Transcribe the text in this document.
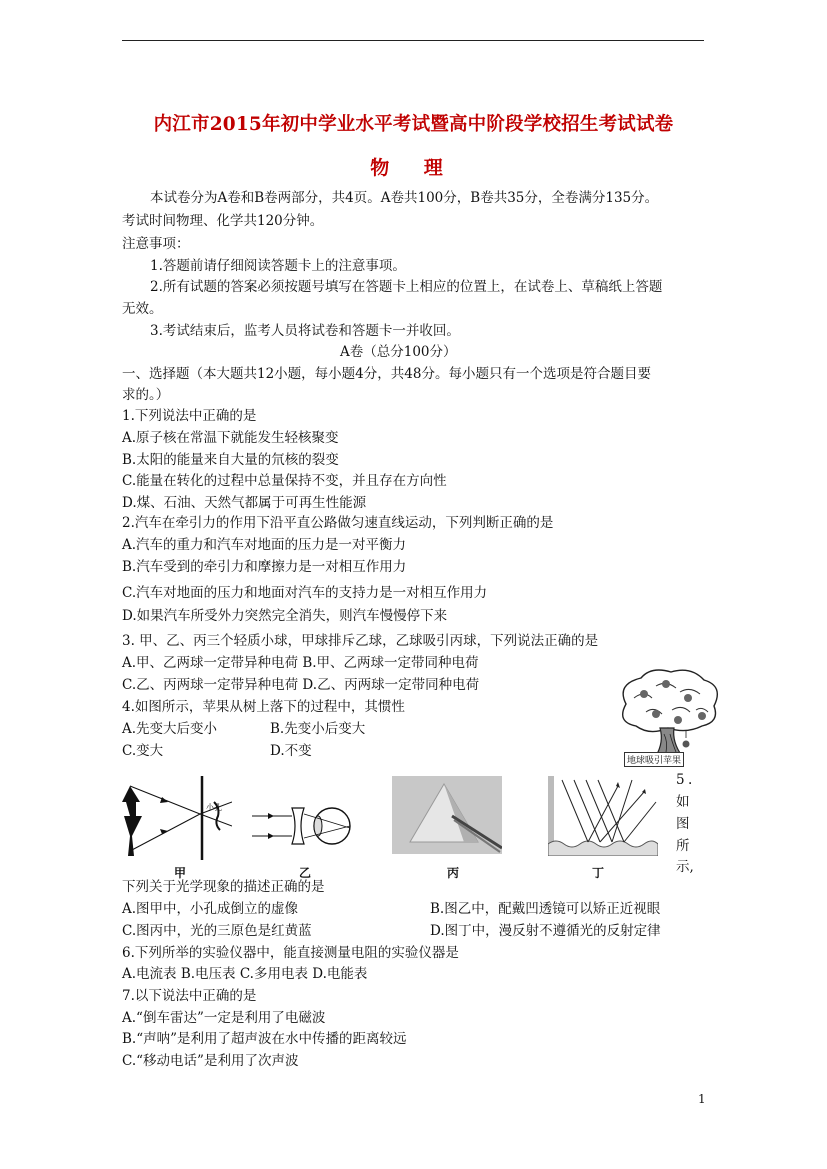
内江市2015年初中学业水平考试暨高中阶段学校招生考试试卷
物 理
本试卷分为A卷和B卷两部分，共4页。A卷共100分，B卷共35分，全卷满分135分。
考试时间物理、化学共120分钟。
注意事项：
1.答题前请仔细阅读答题卡上的注意事项。
2.所有试题的答案必须按题号填写在答题卡上相应的位置上，在试卷上、草稿纸上答题
无效。
3.考试结束后，监考人员将试卷和答题卡一并收回。
A卷（总分100分）
一、选择题（本大题共12小题，每小题4分，共48分。每小题只有一个选项是符合题目要
求的。）
1.下列说法中正确的是
A.原子核在常温下就能发生轻核聚变
B.太阳的能量来自大量的氘核的裂变
C.能量在转化的过程中总量保持不变，并且存在方向性
D.煤、石油、天然气都属于可再生性能源
2.汽车在牵引力的作用下沿平直公路做匀速直线运动，下列判断正确的是
A.汽车的重力和汽车对地面的压力是一对平衡力
B.汽车受到的牵引力和摩擦力是一对相互作用力
C.汽车对地面的压力和地面对汽车的支持力是一对相互作用力
D.如果汽车所受外力突然完全消失，则汽车慢慢停下来
3. 甲、乙、丙三个轻质小球，甲球排斥乙球，乙球吸引丙球，下列说法正确的是
A.甲、乙两球一定带异种电荷 B.甲、乙两球一定带同种电荷
C.乙、丙两球一定带异种电荷 D.乙、丙两球一定带同种电荷
4.如图所示，苹果从树上落下的过程中，其惯性
A.先变大后变小	B.先变小后变大
C.变大	D.不变
地球吸引苹果
小孔
甲	乙	丙	丁
5 .
如
图
所
示,
下列关于光学现象的描述正确的是
A.图甲中，小孔成倒立的虚像	B.图乙中，配戴凹透镜可以矫正近视眼
C.图丙中，光的三原色是红黄蓝	D.图丁中，漫反射不遵循光的反射定律
6.下列所举的实验仪器中，能直接测量电阻的实验仪器是
A.电流表 B.电压表 C.多用电表 D.电能表
7.以下说法中正确的是
A.“倒车雷达”一定是利用了电磁波
B.“声呐”是利用了超声波在水中传播的距离较远
C.“移动电话”是利用了次声波
1
